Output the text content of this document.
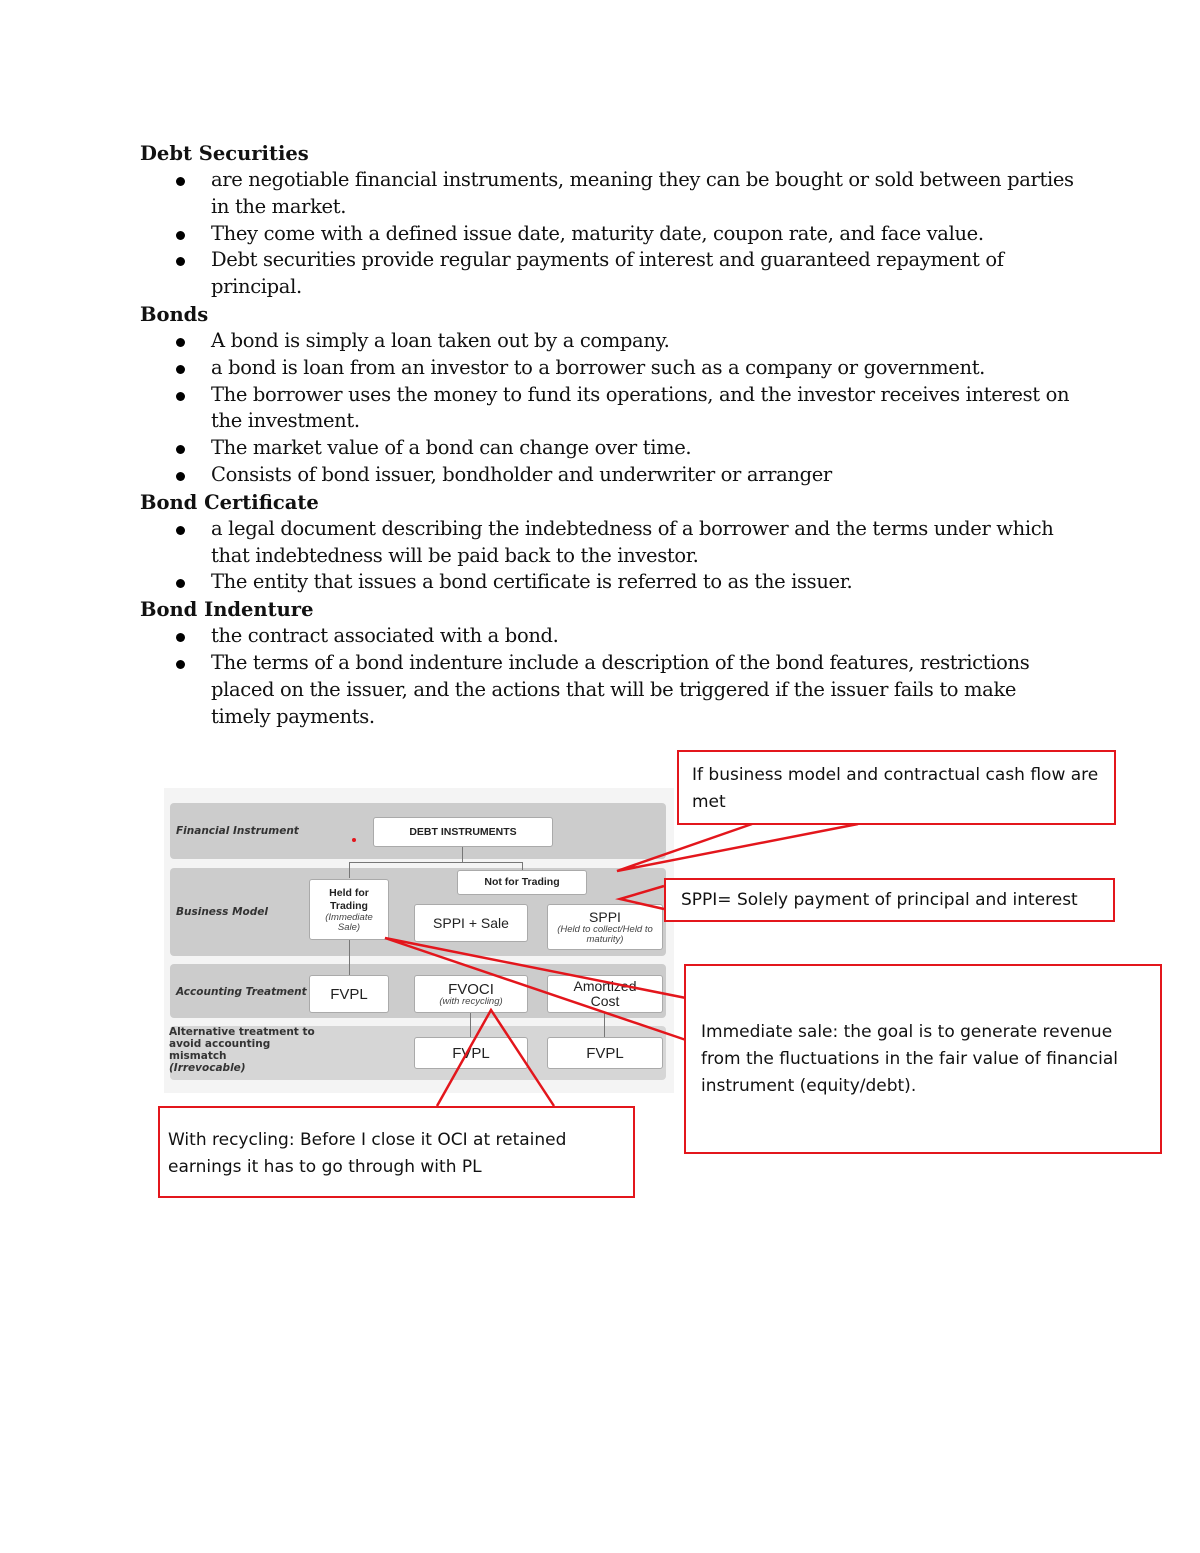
Debt Securities

are negotiable financial instruments, meaning they can be bought or sold between parties in the market.
They come with a defined issue date, maturity date, coupon rate, and face value.
Debt securities provide regular payments of interest and guaranteed repayment of principal.

Bonds

A bond is simply a loan taken out by a company.
a bond is loan from an investor to a borrower such as a company or government.
The borrower uses the money to fund its operations, and the investor receives interest on the investment.
The market value of a bond can change over time.
Consists of bond issuer, bondholder and underwriter or arranger

Bond Certificate

a legal document describing the indebtedness of a borrower and the terms under which that indebtedness will be paid back to the investor.
The entity that issues a bond certificate is referred to as the issuer.

Bond Indenture

the contract associated with a bond.
The terms of a bond indenture include a description of the bond features, restrictions placed on the issuer, and the actions that will be triggered if the issuer fails to make timely payments.
Financial Instrument
Business Model
Accounting Treatment
Alternative treatment to
avoid accounting
mismatch
(Irrevocable)
DEBT INSTRUMENTS
Held for
Trading
(Immediate
Sale)
Not for Trading
SPPI + Sale	SPPI
(Held to collect/Held to
maturity)
FVPL	FVOCI
(with recycling)
Amortized
Cost
FVPL	FVPL
If business model and contractual cash flow are met
SPPI= Solely payment of principal and interest
Immediate sale: the goal is to generate revenue from the fluctuations in the fair value of financial instrument (equity/debt).
With recycling: Before I close it OCI at retained earnings it has to go through with PL
